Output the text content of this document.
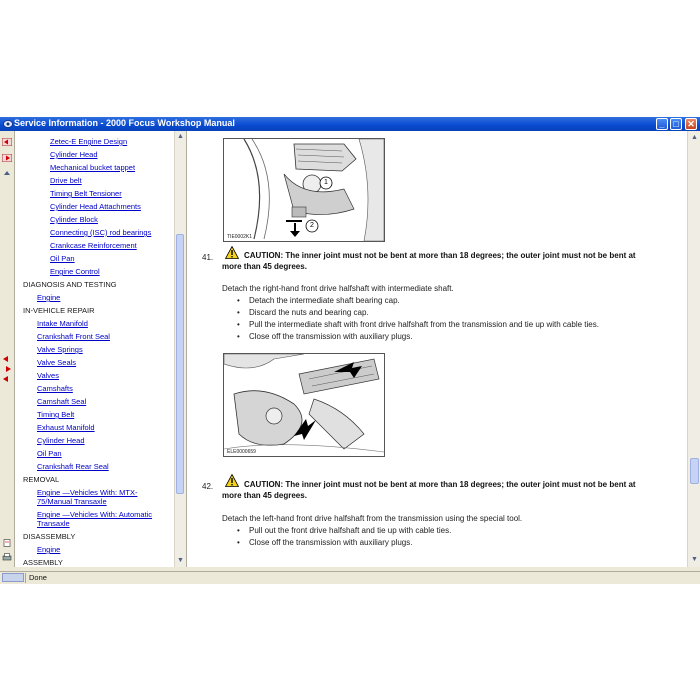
Service Information - 2000 Focus Workshop Manual	_ □ ✕
Zetec-E Engine Design
Cylinder Head
Mechanical bucket tappet
Drive belt
Timing Belt Tensioner
Cylinder Head Attachments
Cylinder Block
Connecting (ISC) rod bearings
Crankcase Reinforcement
Oil Pan
Engine Control
DIAGNOSIS AND TESTING
Engine
IN-VEHICLE REPAIR
Intake Manifold
Crankshaft Front Seal
Valve Springs
Valve Seals
Valves
Camshafts
Camshaft Seal
Timing Belt
Exhaust Manifold
Cylinder Head
Oil Pan
Crankshaft Rear Seal
REMOVAL
Engine —Vehicles With: MTX-
75/Manual Transaxle
Engine —Vehicles With: Automatic
Transaxle
DISASSEMBLY
Engine
ASSEMBLY
▲
▼
1
2
TIE0002K1
41.	CAUTION: The inner joint must not be bent at more than 18 degrees; the outer joint must not be bent at
more than 45 degrees.
Detach the right-hand front drive halfshaft with intermediate shaft.
• Detach the intermediate shaft bearing cap.
• Discard the nuts and bearing cap.
• Pull the intermediate shaft with front drive halfshaft from the transmission and tie up with cable ties.
• Close off the transmission with auxiliary plugs.
ELE0000659
42.	CAUTION: The inner joint must not be bent at more than 18 degrees; the outer joint must not be bent at
more than 45 degrees.
Detach the left-hand front drive halfshaft from the transmission using the special tool.
• Pull out the front drive halfshaft and tie up with cable ties.
• Close off the transmission with auxiliary plugs.
▲
▼
Done
